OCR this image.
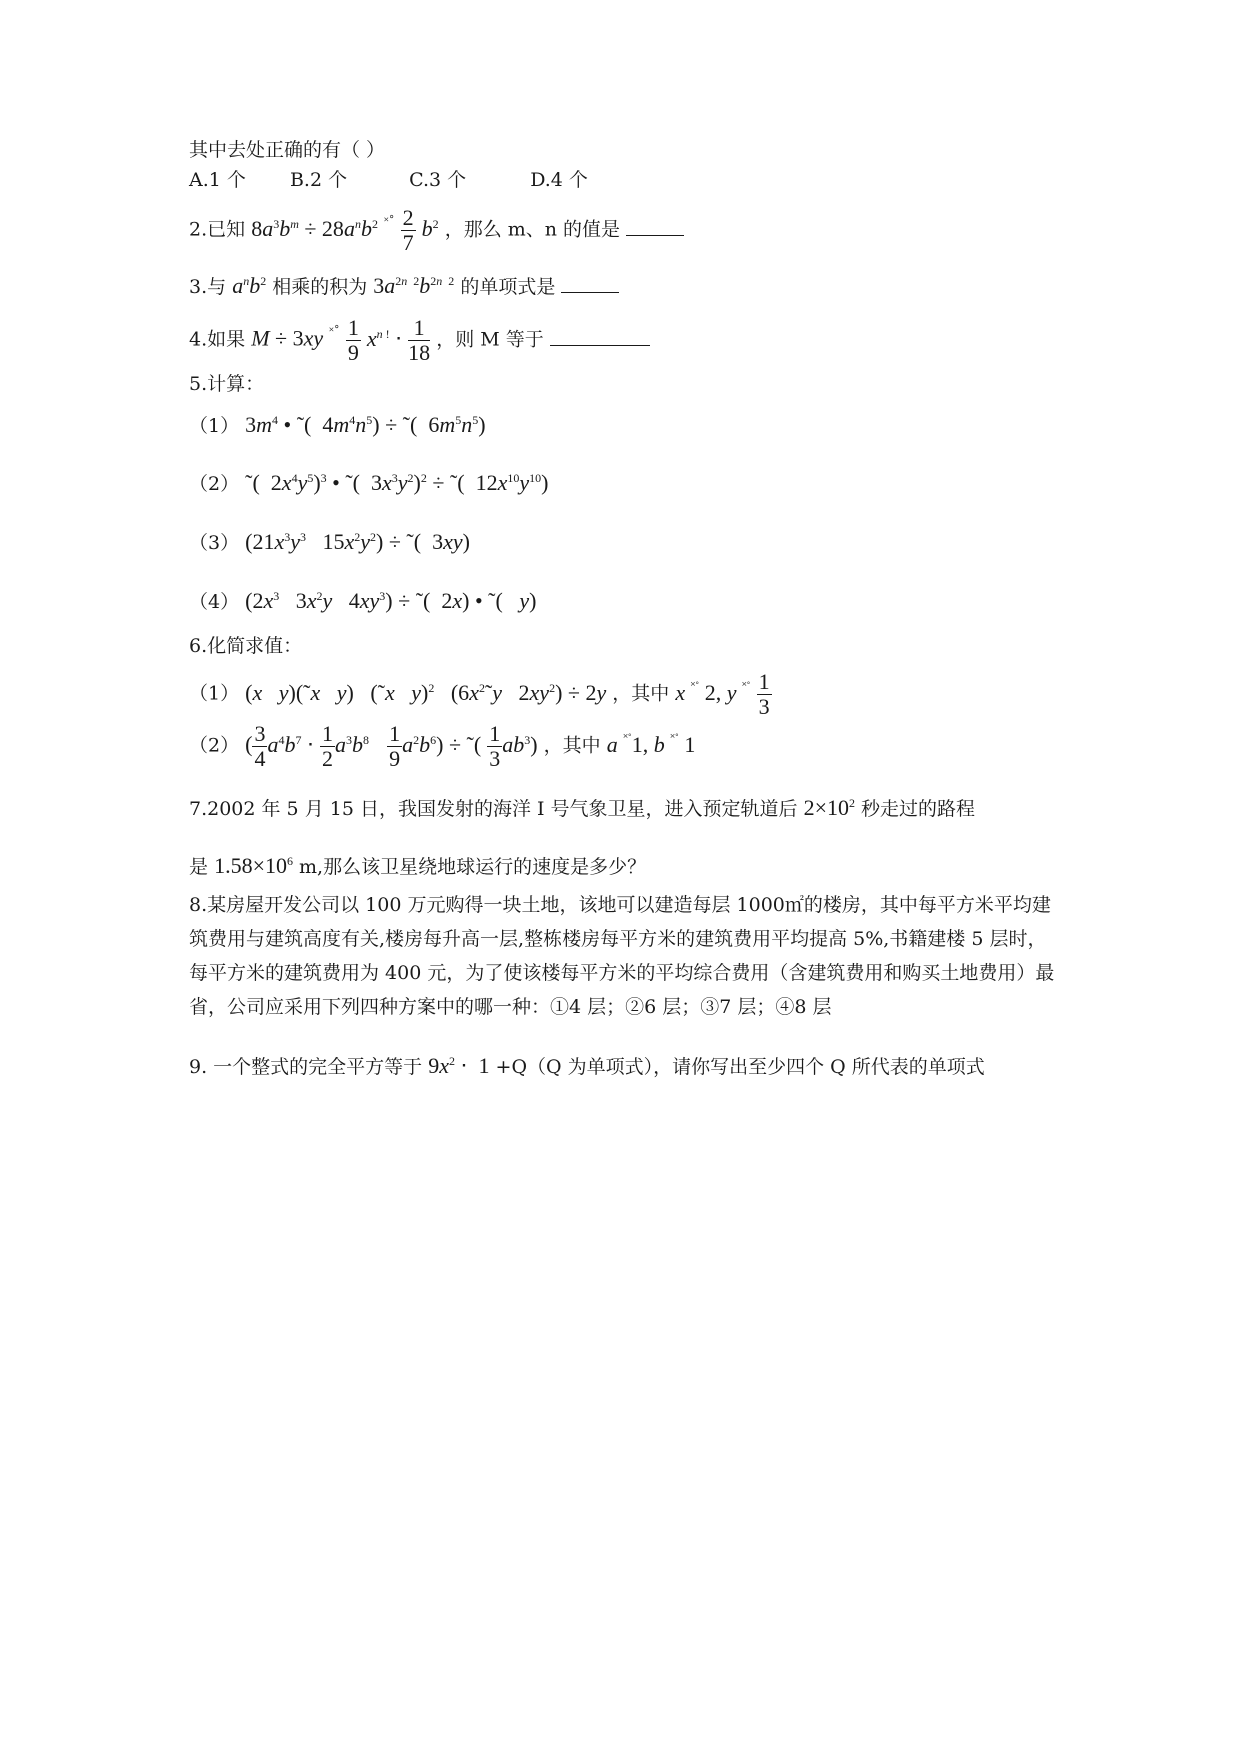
其中去处正确的有（ ）
A.1 个 B.2 个	C.3 个	D.4 个
2.已知 $8a^3b^m \div 28a^nb^2$ $^{˟˚} \frac{2}{7} b^2$ ，那么 m、n 的值是
3.与 $a^nb^2$ 相乘的积为 $3a^{2n 2}b^{2n 2}$ 的单项式是
4.如果 M ÷ 3xy $^{˟˚} \frac{1}{9} x^{n !} \cdot \frac{1}{18}$ ，则 M 等于
5.计算：
（1） $3m^4$ • ˜(  $4m^4n^5$) ÷ ˜(  $6m^5n^5$)
（2） ˜(  $2x^4y^5)^3$ • ˜(  $3x^3y^2)^2$ ÷ ˜(  $12x^{10}y^{10}$)
（3） ($21x^3y^3$   $15x^2y^2$) ÷ ˜(  3xy)
（4） ($2x^3$   $3x^2y$   $4xy^3$) ÷ ˜(  2x) • ˜(   y)
6.化简求值：
（1） (x y)(˜x y)   (˜x y)$^2$   ($6x^2˜y$   $2xy^2) \div 2y$ ，其中 x ˟˚ 2, y $^{˟˚} \frac{1}{3}$
（2） ( $\frac{3}{4} a^4b^7 \cdot \frac{1}{2} a^3b^8 \frac{1}{9} a^2b^6$) ÷ ˜( $\frac{1}{3} ab^3$) ，其中 a ˟˚1, b ˟˚ 1
7.2002 年 5 月 15 日，我国发射的海洋 I 号气象卫星，进入预定轨道后 $2\times 10^2$ 秒走过的路程
是 $1.58\times 10^6$ m,那么该卫星绕地球运行的速度是多少？
8.某房屋开发公司以 100 万元购得一块土地，该地可以建造每层 1000㎡的楼房，其中每平方米平均建筑费用与建筑高度有关,楼房每升高一层,整栋楼房每平方米的建筑费用平均提高 5%,书籍建楼 5 层时，每平方米的建筑费用为 400 元，为了使该楼每平方米的平均综合费用（含建筑费用和购买土地费用）最省，公司应采用下列四种方案中的哪一种：①4 层；②6 层；③7 层；④8 层
9. 一个整式的完全平方等于 $9x^2 \cdot 1 +Q(Q$ 为单项式），请你写出至少四个 Q 所代表的单项式
